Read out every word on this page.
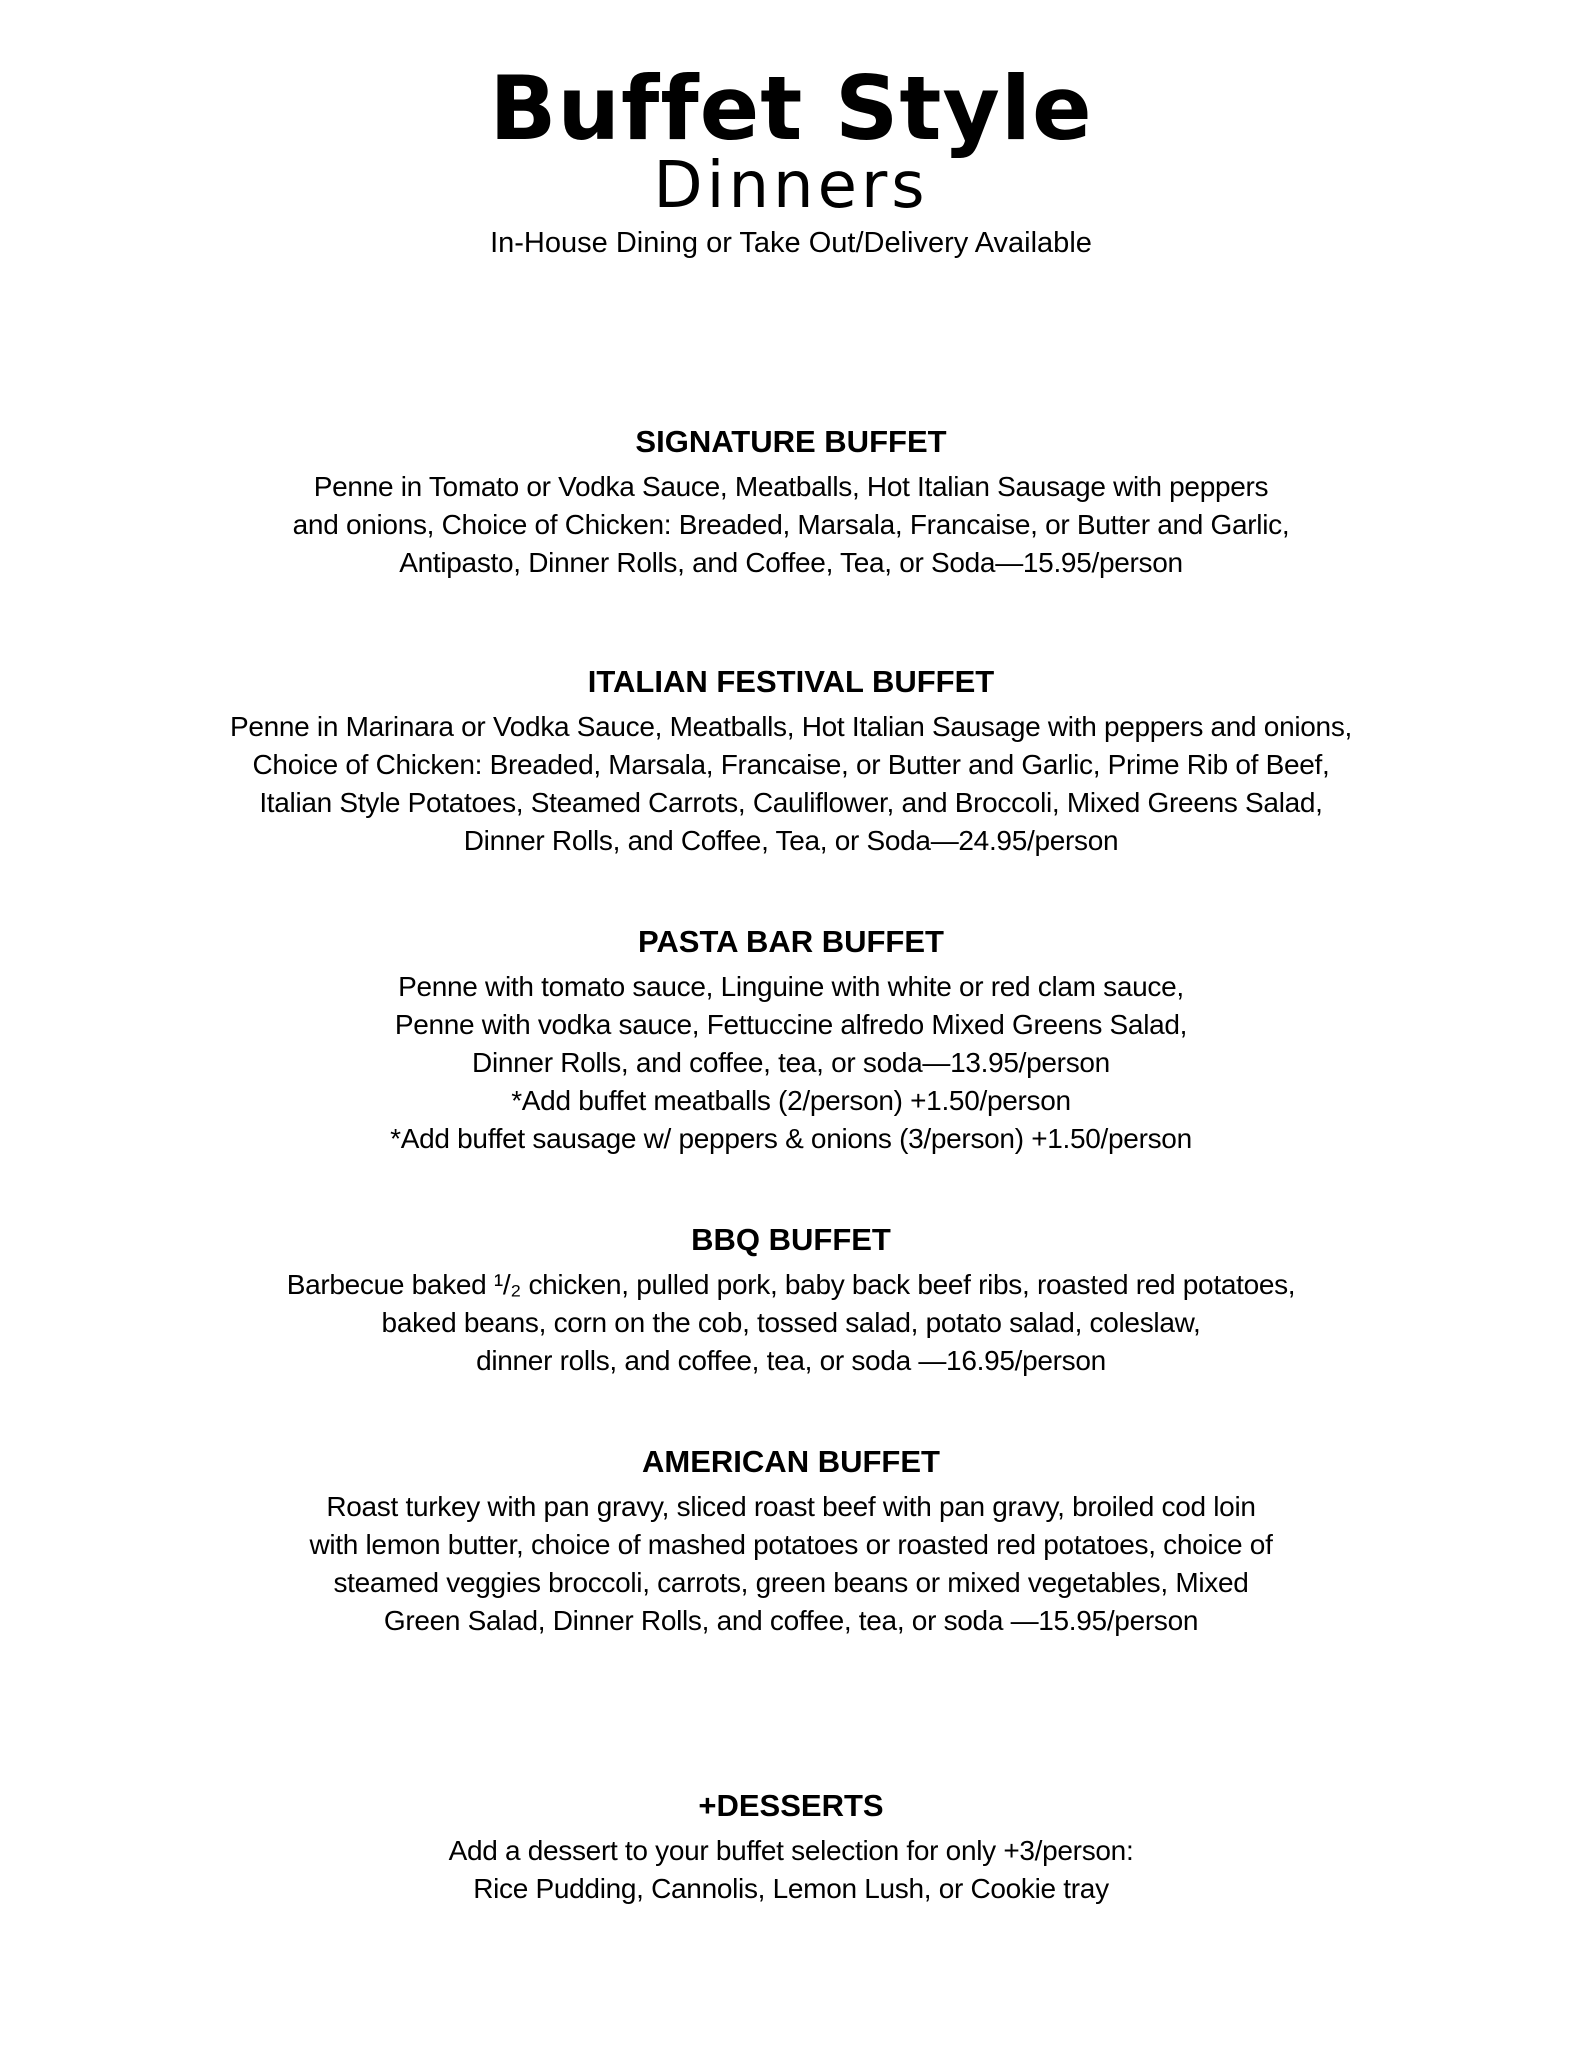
Buffet Style
Dinners

In-House Dining or Take Out/Delivery Available

SIGNATURE BUFFET
Penne in Tomato or Vodka Sauce, Meatballs, Hot Italian Sausage with peppers
and onions, Choice of Chicken: Breaded, Marsala, Francaise, or Butter and Garlic,
Antipasto, Dinner Rolls, and Coffee, Tea, or Soda—15.95/person
ITALIAN FESTIVAL BUFFET
Penne in Marinara or Vodka Sauce, Meatballs, Hot Italian Sausage with peppers and onions,
Choice of Chicken: Breaded, Marsala, Francaise, or Butter and Garlic, Prime Rib of Beef,
Italian Style Potatoes, Steamed Carrots, Cauliflower, and Broccoli, Mixed Greens Salad,
Dinner Rolls, and Coffee, Tea, or Soda—24.95/person
PASTA BAR BUFFET
Penne with tomato sauce, Linguine with white or red clam sauce,
Penne with vodka sauce, Fettuccine alfredo Mixed Greens Salad,
Dinner Rolls, and coffee, tea, or soda—13.95/person
*Add buffet meatballs (2/person) +1.50/person
*Add buffet sausage w/ peppers & onions (3/person) +1.50/person
BBQ BUFFET
Barbecue baked ¹/₂ chicken, pulled pork, baby back beef ribs, roasted red potatoes,
baked beans, corn on the cob, tossed salad, potato salad, coleslaw,
dinner rolls, and coffee, tea, or soda —16.95/person
AMERICAN BUFFET
Roast turkey with pan gravy, sliced roast beef with pan gravy, broiled cod loin
with lemon butter, choice of mashed potatoes or roasted red potatoes, choice of
steamed veggies broccoli, carrots, green beans or mixed vegetables, Mixed
Green Salad, Dinner Rolls, and coffee, tea, or soda —15.95/person
+DESSERTS
Add a dessert to your buffet selection for only +3/person:
Rice Pudding, Cannolis, Lemon Lush, or Cookie tray
